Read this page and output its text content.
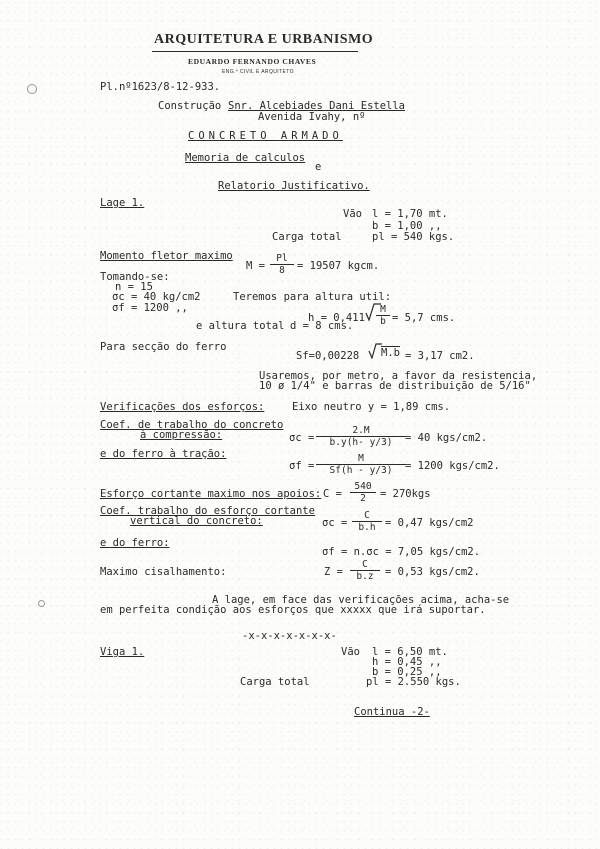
ARQUITETURA E URBANISMO
EDUARDO FERNANDO CHAVES
ENG.º CIVIL E ARQUITETO
Pl.nº1623/8-12-933.
Construção Snr. Alcebiades Dani Estella
Avenida Ivahy, nº
CONCRETO ARMADO
Memoria de calculos
e
Relatorio Justificativo.
Lage 1.
Vão l = 1,70 mt.
b = 1,00 ,,
Carga total	pl = 540 kgs.
Momento fletor maximo
$M = \frac{Pl}{8} = 19507$ kgcm.
Tomando-se:
n = 15
σc = 40 kg/cm2
σf = 1200 ,,
Teremos para altura util:
$h = 0,411 \frac{M}{b} = 5,7$ cms.
e altura total d = 8 cms.
Para secção do ferro
Sf=0,00228 M.b = 3,17 cm2.
Usaremos, por metro, a favor da resistencia,
10 ø 1/4" e barras de distribuição de 5/16"
Verificações dos esforços:	Eixo neutro y = 1,89 cms.
Coef. de trabalho do concreto
à compressão:	$\sigma c = \frac{2.M}{b.y(h- y/3)} = 40$ kgs/cm2.
e do ferro à tração:
$\sigma f = \frac{M}{Sf(h - y/3)} = 1200$ kgs/cm2.
Esforço cortante maximo nos apoios: $C = \frac{540}{2} = 270kgs$
Coef. trabalho do esforço cortante
vertical do concreto:	$\sigma c = \frac{C}{b.h} = 0,47$ kgs/cm2
e do ferro:
σf = n.σc = 7,05 kgs/cm2.
Maximo cisalhamento:	$Z = \frac{C}{b.z} = 0,53$ kgs/cm2.
A lage, em face das verificações acima, acha-se
em perfeita condição aos esforços que xxxxx que irá suportar.
-x-x-x-x-x-x-x-
Viga 1.	Vão l = 6,50 mt.
h = 0,45 ,,
b = 0,25 ,,
Carga total	pl = 2.550 kgs.
Continua -2-
